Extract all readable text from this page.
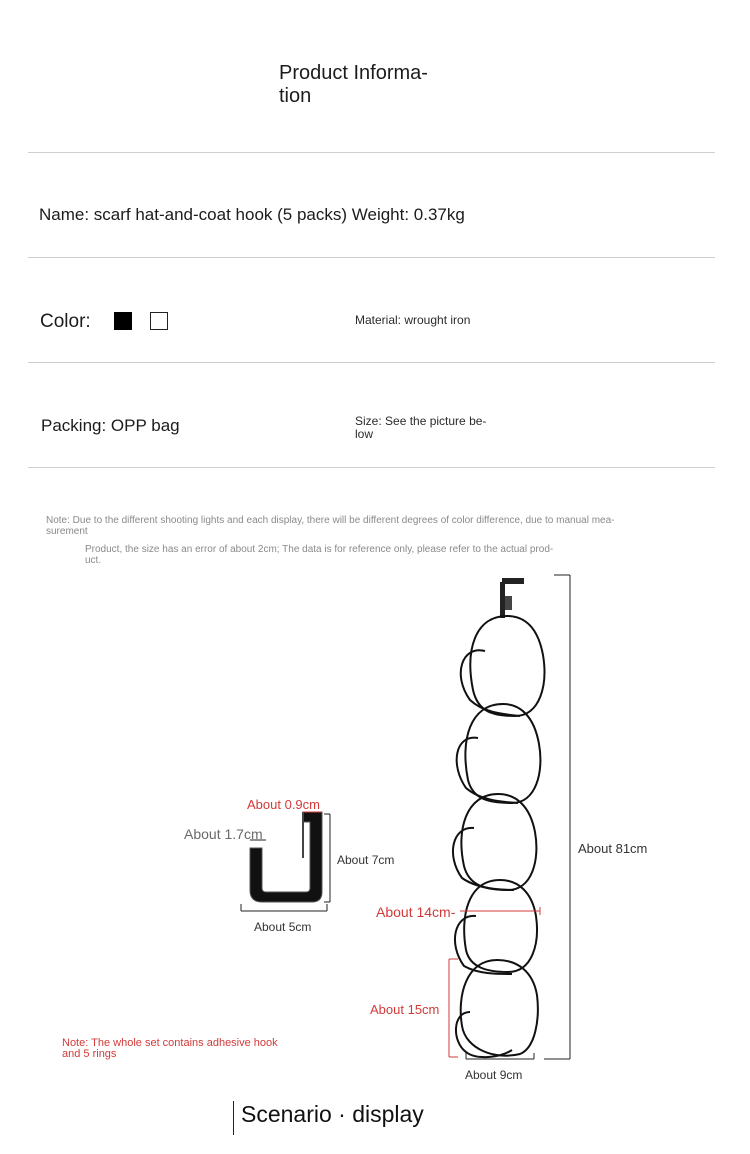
Product Informa-
tion
Name: scarf hat-and-coat hook (5 packs) Weight: 0.37kg
Color:	Material: wrought iron
Packing: OPP bag	Size: See the picture be-
low
Note: Due to the different shooting lights and each display, there will be different degrees of color difference, due to manual mea-
surement
Product, the size has an error of about 2cm; The data is for reference only, please refer to the actual prod-
uct.
About 0.9cm
About 1.7cm
About 7cm
About 5cm
About 81cm
About 14cm-
About 15cm
About 9cm
Note: The whole set contains adhesive hook
and 5 rings
Scenario · display
